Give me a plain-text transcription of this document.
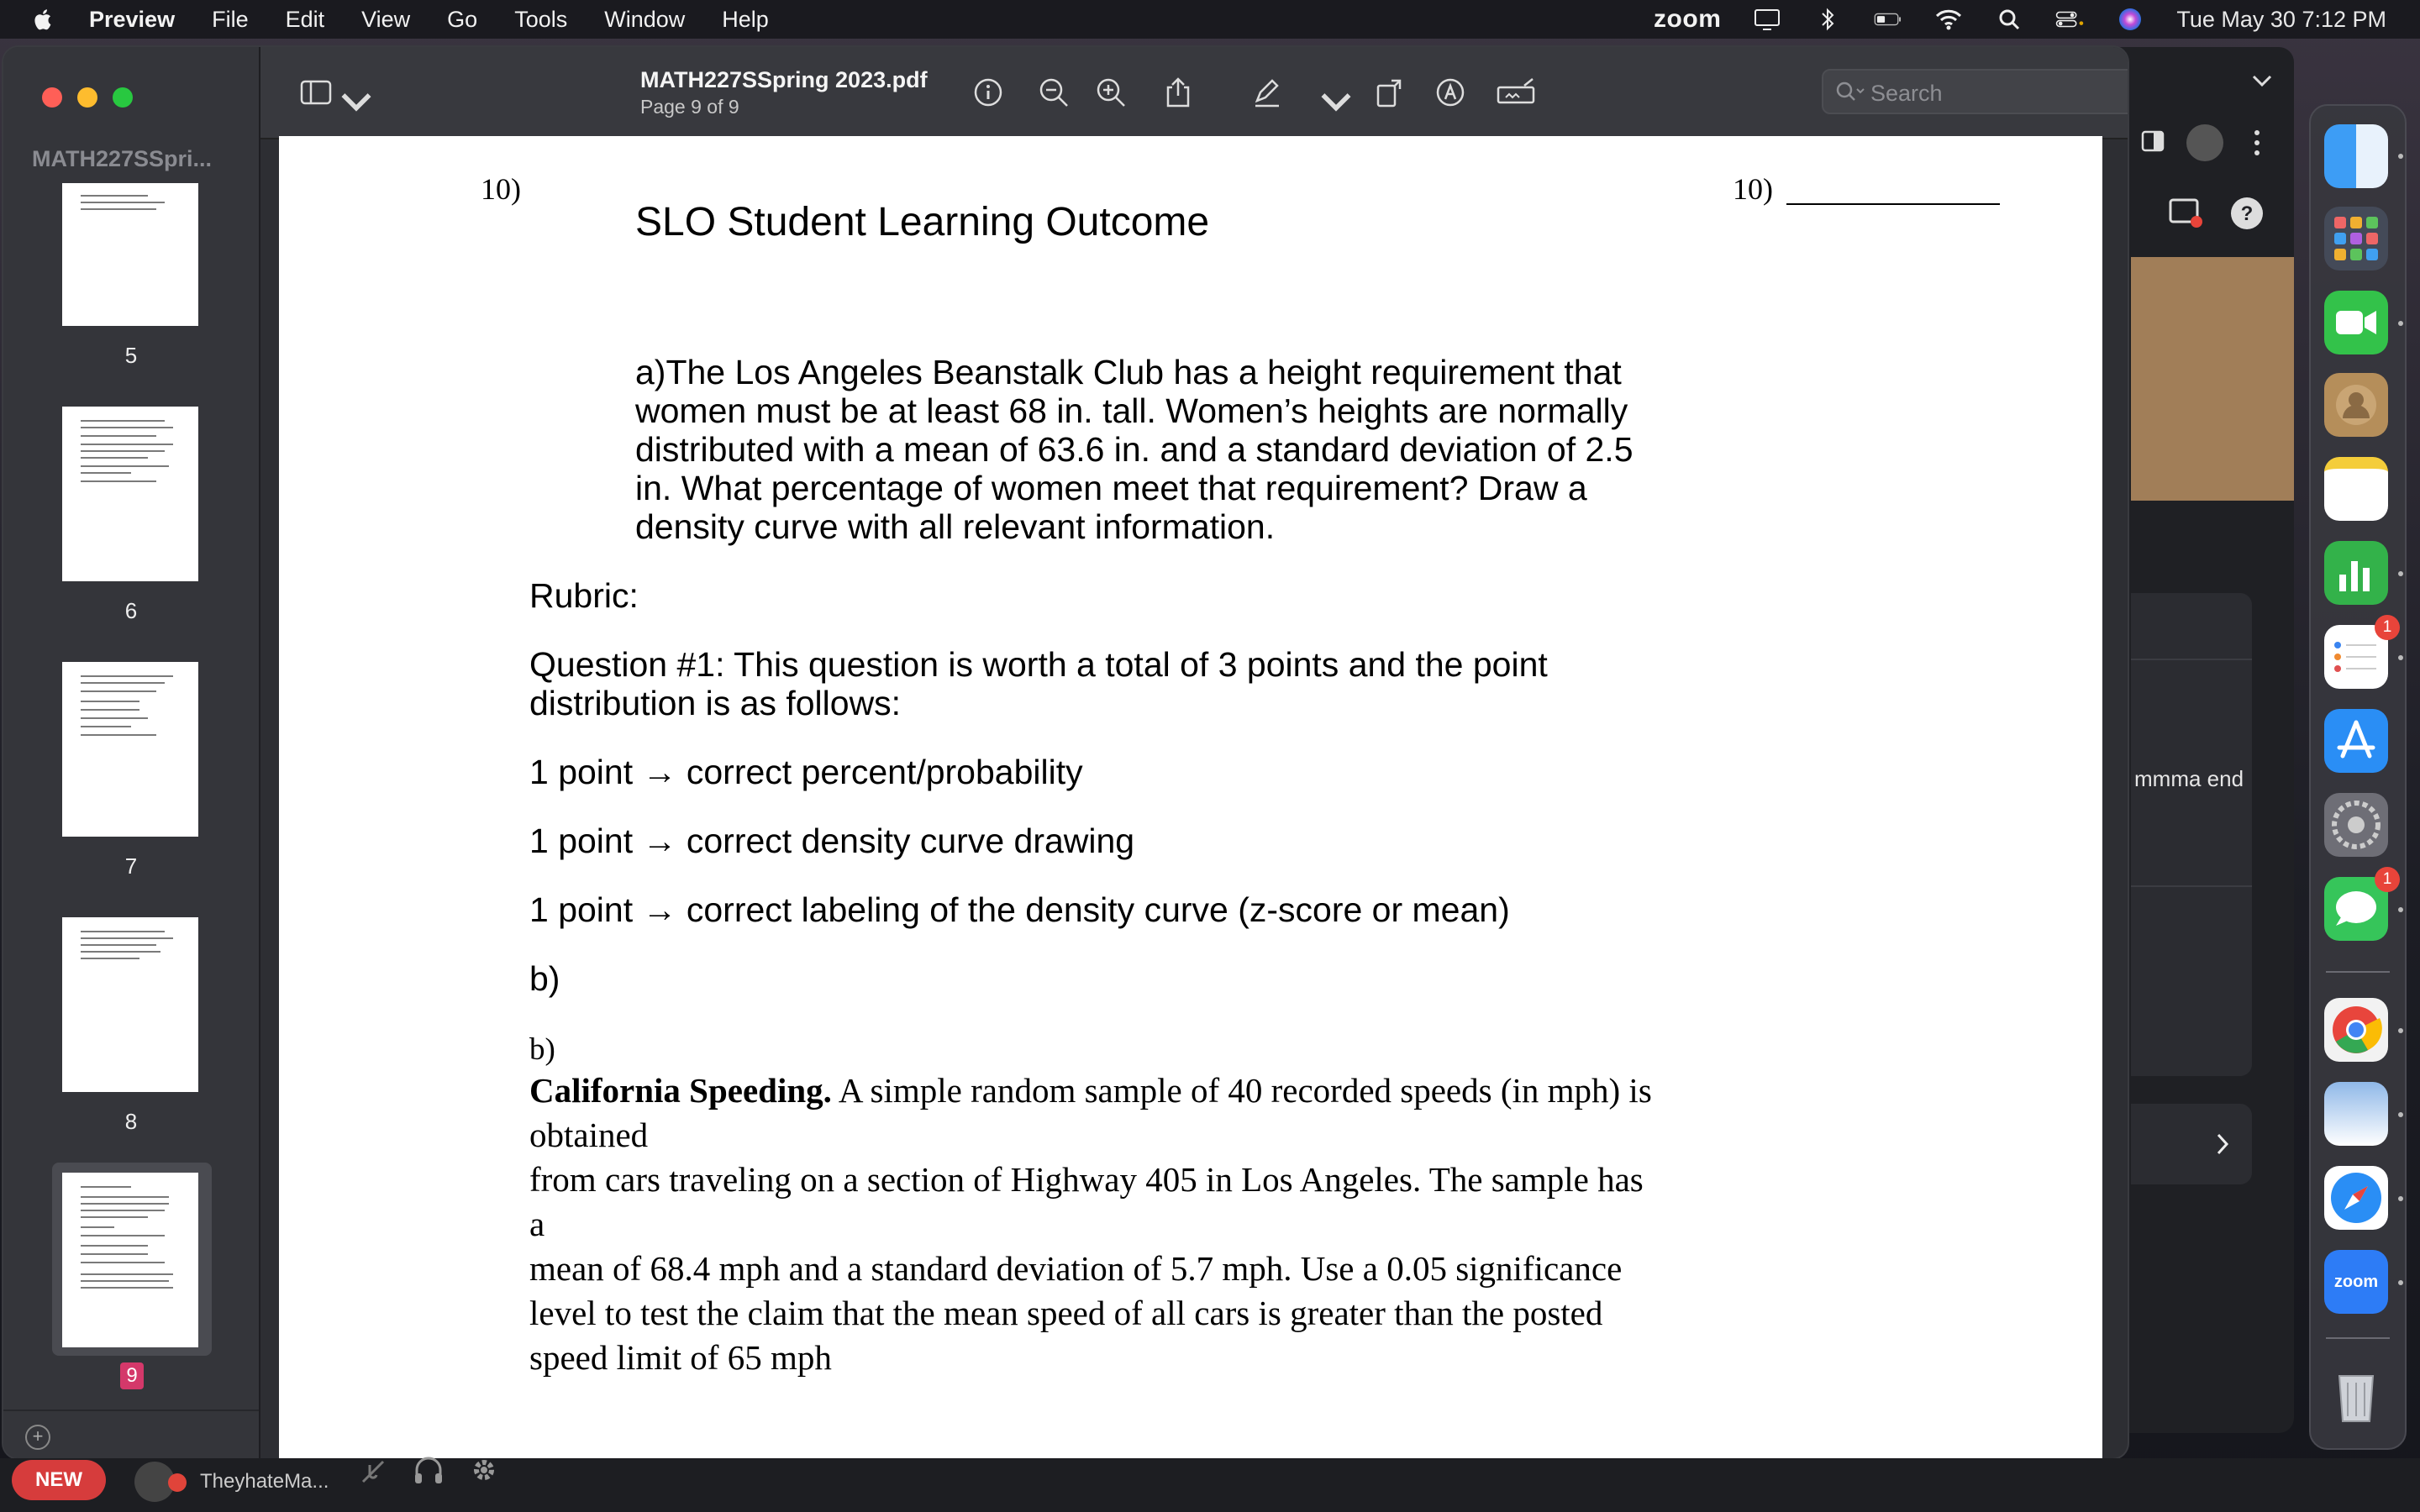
Preview File Edit View Go Tools Window Help	zoom	Tue May 30 7:12 PM
?
mmma end
MATH227SSpri...
5
6
7
8
9
+
MATH227SSpring 2023.pdf
Page 9 of 9
Search
10)	10)
SLO Student Learning Outcome
a)The Los Angeles Beanstalk Club has a height requirement that
women must be at least 68 in. tall. Women’s heights are normally
distributed with a mean of 63.6 in. and a standard deviation of 2.5
in. What percentage of women meet that requirement? Draw a
density curve with all relevant information.
Rubric:
Question #1: This question is worth a total of 3 points and the point
distribution is as follows:
1 point → correct percent/probability
1 point → correct density curve drawing
1 point → correct labeling of the density curve (z-score or mean)
b)
b)
California Speeding. A simple random sample of 40 recorded speeds (in mph) is
obtained
from cars traveling on a section of Highway 405 in Los Angeles. The sample has
a
mean of 68.4 mph and a standard deviation of 5.7 mph. Use a 0.05 significance
level to test the claim that the mean speed of all cars is greater than the posted
speed limit of 65 mph
NEW	TheyhateMa...
1
1
zoom
